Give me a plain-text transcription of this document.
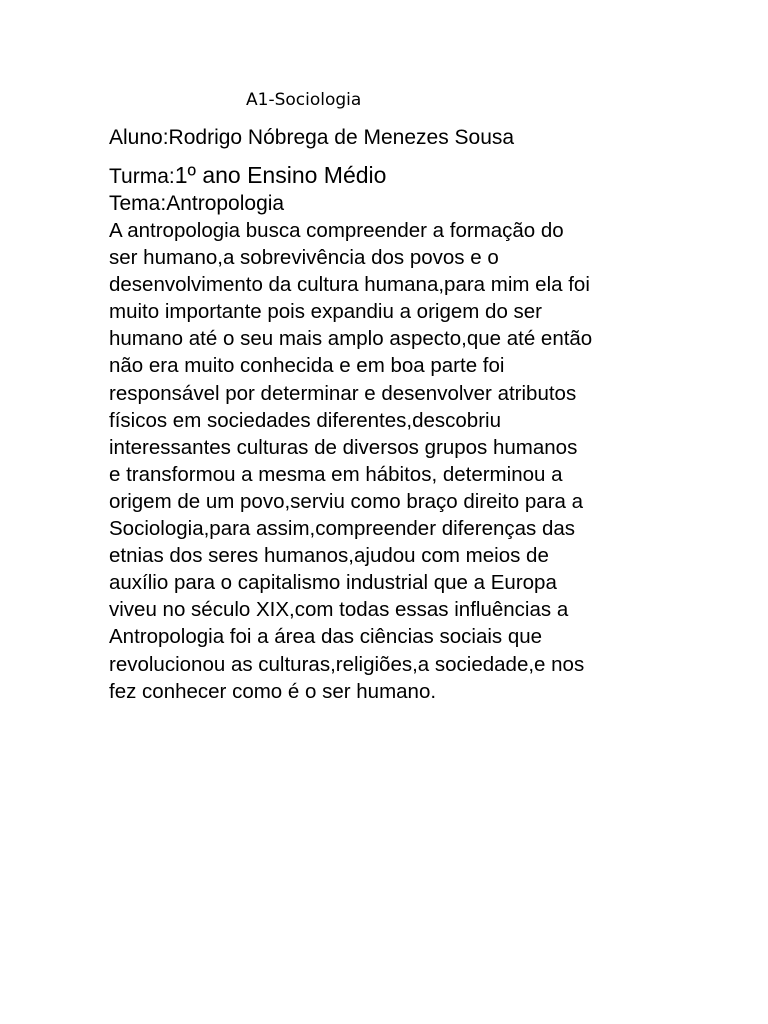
A1-Sociologia
Aluno:Rodrigo Nóbrega de Menezes Sousa
Turma:1º ano Ensino Médio
Tema:Antropologia
A antropologia busca compreender a formação do
ser humano,a sobrevivência dos povos e o
desenvolvimento da cultura humana,para mim ela foi
muito importante pois expandiu a origem do ser
humano até o seu mais amplo aspecto,que até então
não era muito conhecida e em boa parte foi
responsável por determinar e desenvolver atributos
físicos em sociedades diferentes,descobriu
interessantes culturas de diversos grupos humanos
e transformou a mesma em hábitos, determinou a
origem de um povo,serviu como braço direito para a
Sociologia,para assim,compreender diferenças das
etnias dos seres humanos,ajudou com meios de
auxílio para o capitalismo industrial que a Europa
viveu no século XIX,com todas essas influências a
Antropologia foi a área das ciências sociais que
revolucionou as culturas,religiões,a sociedade,e nos
fez conhecer como é o ser humano.
